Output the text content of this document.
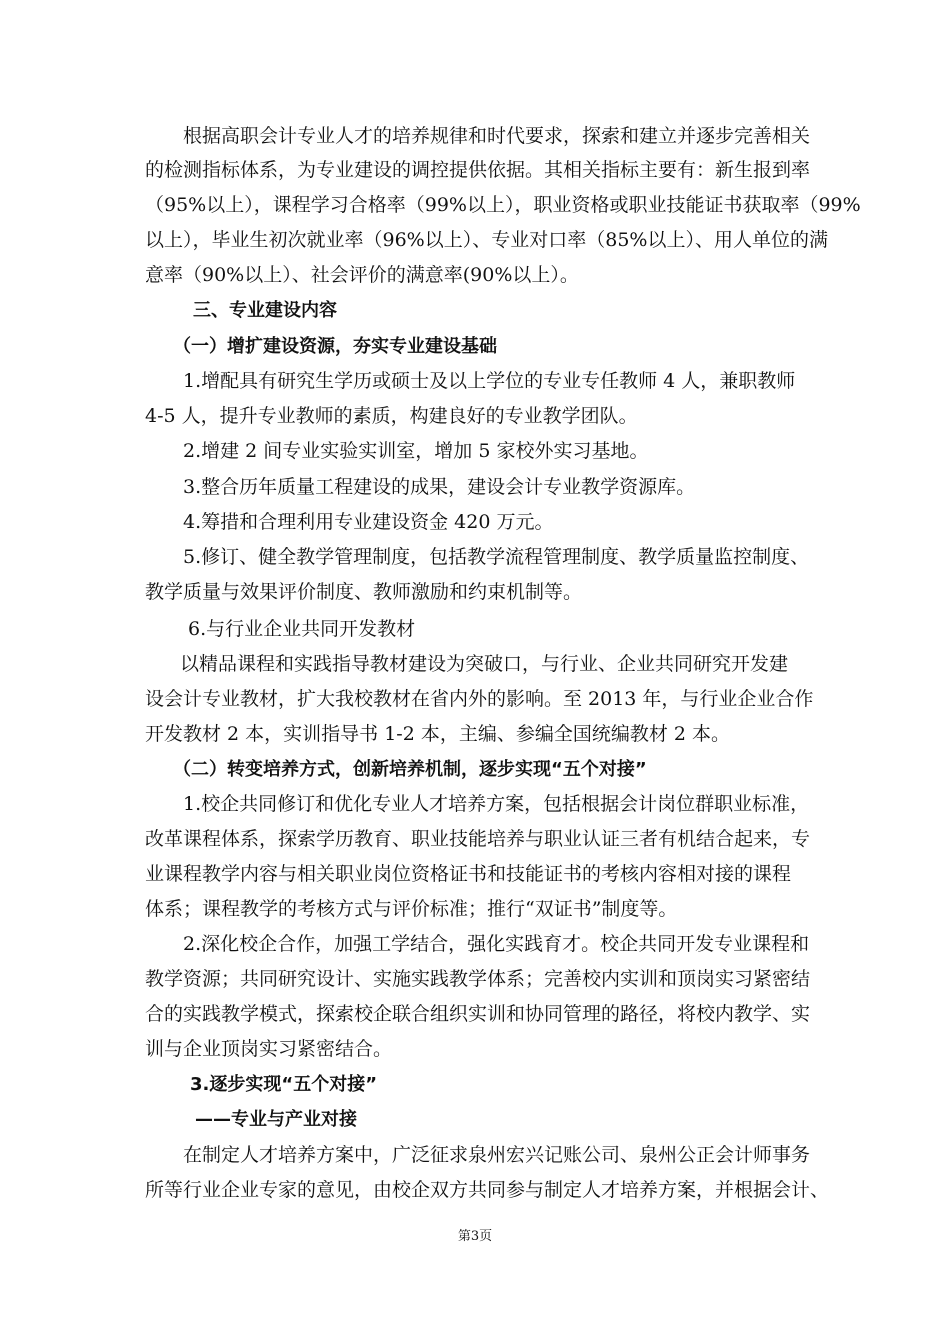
根据高职会计专业人才的培养规律和时代要求，探索和建立并逐步完善相关
的检测指标体系，为专业建设的调控提供依据。其相关指标主要有：新生报到率
（95%以上），课程学习合格率（99%以上），职业资格或职业技能证书获取率（99%
以上），毕业生初次就业率（96%以上）、专业对口率（85%以上）、用人单位的满
意率（90%以上）、社会评价的满意率(90%以上）。
三、专业建设内容
（一）增扩建设资源，夯实专业建设基础
1.增配具有研究生学历或硕士及以上学位的专业专任教师 4 人，兼职教师
4-5 人，提升专业教师的素质，构建良好的专业教学团队。
2.增建 2 间专业实验实训室，增加 5 家校外实习基地。
3.整合历年质量工程建设的成果，建设会计专业教学资源库。
4.筹措和合理利用专业建设资金 420 万元。
5.修订、健全教学管理制度，包括教学流程管理制度、教学质量监控制度、
教学质量与效果评价制度、教师激励和约束机制等。
6.与行业企业共同开发教材
以精品课程和实践指导教材建设为突破口，与行业、企业共同研究开发建
设会计专业教材，扩大我校教材在省内外的影响。至 2013 年，与行业企业合作
开发教材 2 本，实训指导书 1-2 本，主编、参编全国统编教材 2 本。
（二）转变培养方式，创新培养机制，逐步实现“五个对接”
1.校企共同修订和优化专业人才培养方案，包括根据会计岗位群职业标准，
改革课程体系，探索学历教育、职业技能培养与职业认证三者有机结合起来，专
业课程教学内容与相关职业岗位资格证书和技能证书的考核内容相对接的课程
体系；课程教学的考核方式与评价标准；推行“双证书”制度等。
2.深化校企合作，加强工学结合，强化实践育才。校企共同开发专业课程和
教学资源；共同研究设计、实施实践教学体系；完善校内实训和顶岗实习紧密结
合的实践教学模式，探索校企联合组织实训和协同管理的路径，将校内教学、实
训与企业顶岗实习紧密结合。
3.逐步实现“五个对接”
——专业与产业对接
在制定人才培养方案中，广泛征求泉州宏兴记账公司、泉州公正会计师事务
所等行业企业专家的意见，由校企双方共同参与制定人才培养方案，并根据会计、
第3页
